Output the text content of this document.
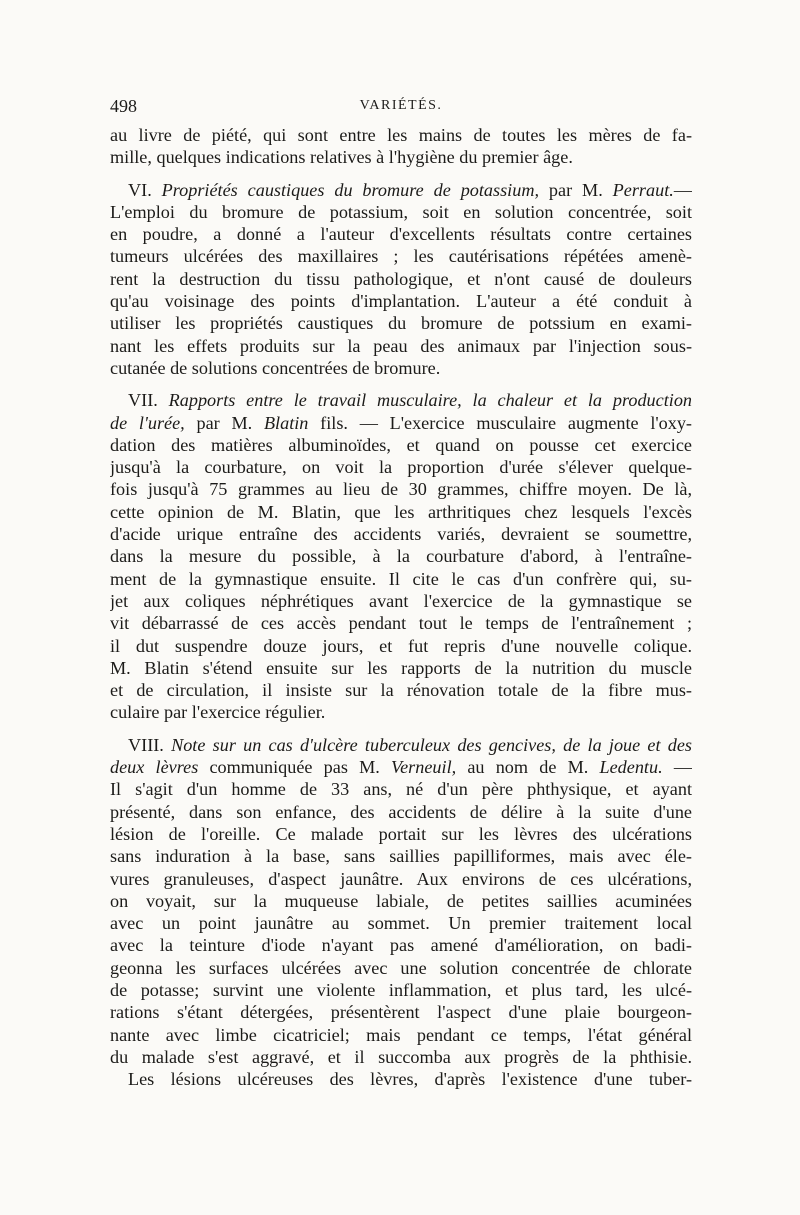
498	VARIÉTÉS.
au livre de piété, qui sont entre les mains de toutes les mères de fa-
mille, quelques indications relatives à l'hygiène du premier âge.
VI. Propriétés caustiques du bromure de potassium, par M. Perraut.—
L'emploi du bromure de potassium, soit en solution concentrée, soit
en poudre, a donné a l'auteur d'excellents résultats contre certaines
tumeurs ulcérées des maxillaires ; les cautérisations répétées amenè-
rent la destruction du tissu pathologique, et n'ont causé de douleurs
qu'au voisinage des points d'implantation. L'auteur a été conduit à
utiliser les propriétés caustiques du bromure de potssium en exami-
nant les effets produits sur la peau des animaux par l'injection sous-
cutanée de solutions concentrées de bromure.
VII. Rapports entre le travail musculaire, la chaleur et la production
de l'urée, par M. Blatin fils. — L'exercice musculaire augmente l'oxy-
dation des matières albuminoïdes, et quand on pousse cet exercice
jusqu'à la courbature, on voit la proportion d'urée s'élever quelque-
fois jusqu'à 75 grammes au lieu de 30 grammes, chiffre moyen. De là,
cette opinion de M. Blatin, que les arthritiques chez lesquels l'excès
d'acide urique entraîne des accidents variés, devraient se soumettre,
dans la mesure du possible, à la courbature d'abord, à l'entraîne-
ment de la gymnastique ensuite. Il cite le cas d'un confrère qui, su-
jet aux coliques néphrétiques avant l'exercice de la gymnastique se
vit débarrassé de ces accès pendant tout le temps de l'entraînement ;
il dut suspendre douze jours, et fut repris d'une nouvelle colique.
M. Blatin s'étend ensuite sur les rapports de la nutrition du muscle
et de circulation, il insiste sur la rénovation totale de la fibre mus-
culaire par l'exercice régulier.
VIII. Note sur un cas d'ulcère tuberculeux des gencives, de la joue et des
deux lèvres communiquée pas M. Verneuil, au nom de M. Ledentu. —
Il s'agit d'un homme de 33 ans, né d'un père phthysique, et ayant
présenté, dans son enfance, des accidents de délire à la suite d'une
lésion de l'oreille. Ce malade portait sur les lèvres des ulcérations
sans induration à la base, sans saillies papilliformes, mais avec éle-
vures granuleuses, d'aspect jaunâtre. Aux environs de ces ulcérations,
on voyait, sur la muqueuse labiale, de petites saillies acuminées
avec un point jaunâtre au sommet. Un premier traitement local
avec la teinture d'iode n'ayant pas amené d'amélioration, on badi-
geonna les surfaces ulcérées avec une solution concentrée de chlorate
de potasse; survint une violente inflammation, et plus tard, les ulcé-
rations s'étant détergées, présentèrent l'aspect d'une plaie bourgeon-
nante avec limbe cicatriciel; mais pendant ce temps, l'état général
du malade s'est aggravé, et il succomba aux progrès de la phthisie.
Les lésions ulcéreuses des lèvres, d'après l'existence d'une tuber-
